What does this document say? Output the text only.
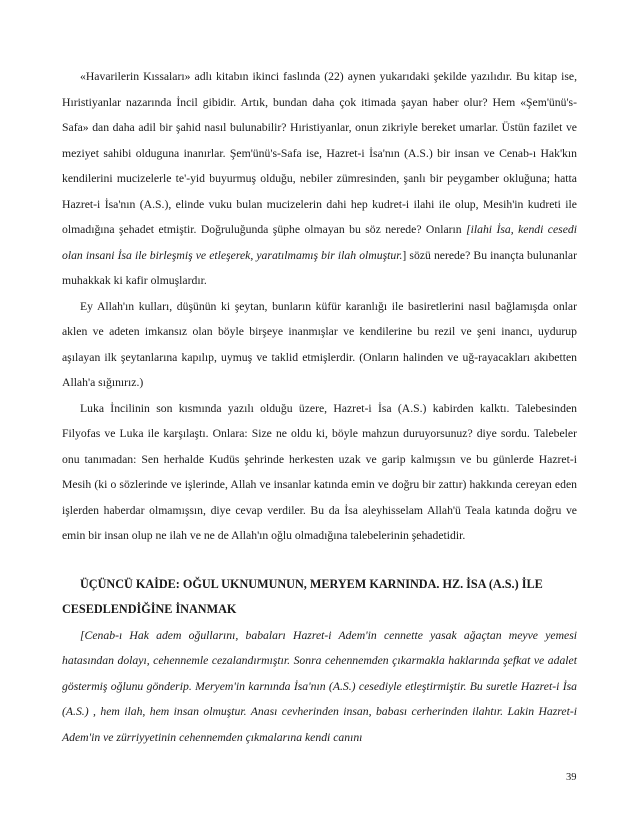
«Havarilerin Kıssaları» adlı kitabın ikinci faslında (22) aynen yukarıdaki şekilde yazılıdır. Bu kitap ise, Hıristiyanlar nazarında İncil gibidir. Artık, bundan daha çok itimada şayan haber olur? Hem «Şem'ünü's-Safa» dan daha adil bir şahid nasıl bulunabilir? Hıristiyanlar, onun zikriyle bereket umarlar. Üstün fazilet ve meziyet sahibi olduguna inanırlar. Şem'ünü's-Safa ise, Hazret-i İsa'nın (A.S.) bir insan ve Cenab-ı Hak'kın kendilerini mucizelerle te'-yid buyurmuş olduğu, nebiler zümresinden, şanlı bir peygamber okluğuna; hatta Hazret-i İsa'nın (A.S.), elinde vuku bulan mucizelerin dahi hep kudret-i ilahi ile olup, Mesih'in kudreti ile olmadığına şehadet etmiştir. Doğruluğunda şüphe olmayan bu söz nerede? Onların [ilahi İsa, kendi cesedi olan insani İsa ile birleşmiş ve etleşerek, yaratılmamış bir ilah olmuştur.] sözü nerede? Bu inançta bulunanlar muhakkak ki kafir olmuşlardır.

Ey Allah'ın kulları, düşünün ki şeytan, bunların küfür karanlığı ile basiretlerini nasıl bağlamışda onlar aklen ve adeten imkansız olan böyle birşeye inanmışlar ve kendilerine bu rezil ve şeni inancı, uydurup aşılayan ilk şeytanlarına kapılıp, uymuş ve taklid etmişlerdir. (Onların halinden ve uğ-rayacakları akıbetten Allah'a sığınırız.)

Luka İncilinin son kısmında yazılı olduğu üzere, Hazret-i İsa (A.S.) kabirden kalktı. Talebesinden Filyofas ve Luka ile karşılaştı. Onlara: Size ne oldu ki, böyle mahzun duruyorsunuz? diye sordu. Talebeler onu tanımadan: Sen herhalde Kudüs şehrinde herkesten uzak ve garip kalmışsın ve bu günlerde Hazret-i Mesih (ki o sözlerinde ve işlerinde, Allah ve insanlar katında emin ve doğru bir zattır) hakkında cereyan eden işlerden haberdar olmamışsın, diye cevap verdiler. Bu da İsa aleyhisselam Allah'ü Teala katında doğru ve emin bir insan olup ne ilah ve ne de Allah'ın oğlu olmadığına talebelerinin şehadetidir.

ÜÇÜNCÜ KAİDE: OĞUL UKNUMUNUN, MERYEM KARNINDA. HZ. İSA (A.S.) İLE CESEDLENDİĞİNE İNANMAK

[Cenab-ı Hak adem oğullarını, babaları Hazret-i Adem'in cennette yasak ağaçtan meyve yemesi hatasından dolayı, cehennemle cezalandırmıştır. Sonra cehennemden çıkarmakla haklarında şefkat ve adalet göstermiş oğlunu gönderip. Meryem'in karnında İsa'nın (A.S.) cesediyle etleştirmiştir. Bu suretle Hazret-i İsa (A.S.) , hem ilah, hem insan olmuştur. Anası cevherinden insan, babası cerherinden ilahtır. Lakin Hazret-i Adem'in ve zürriyyetinin cehennemden çıkmalarına kendi canını

39
